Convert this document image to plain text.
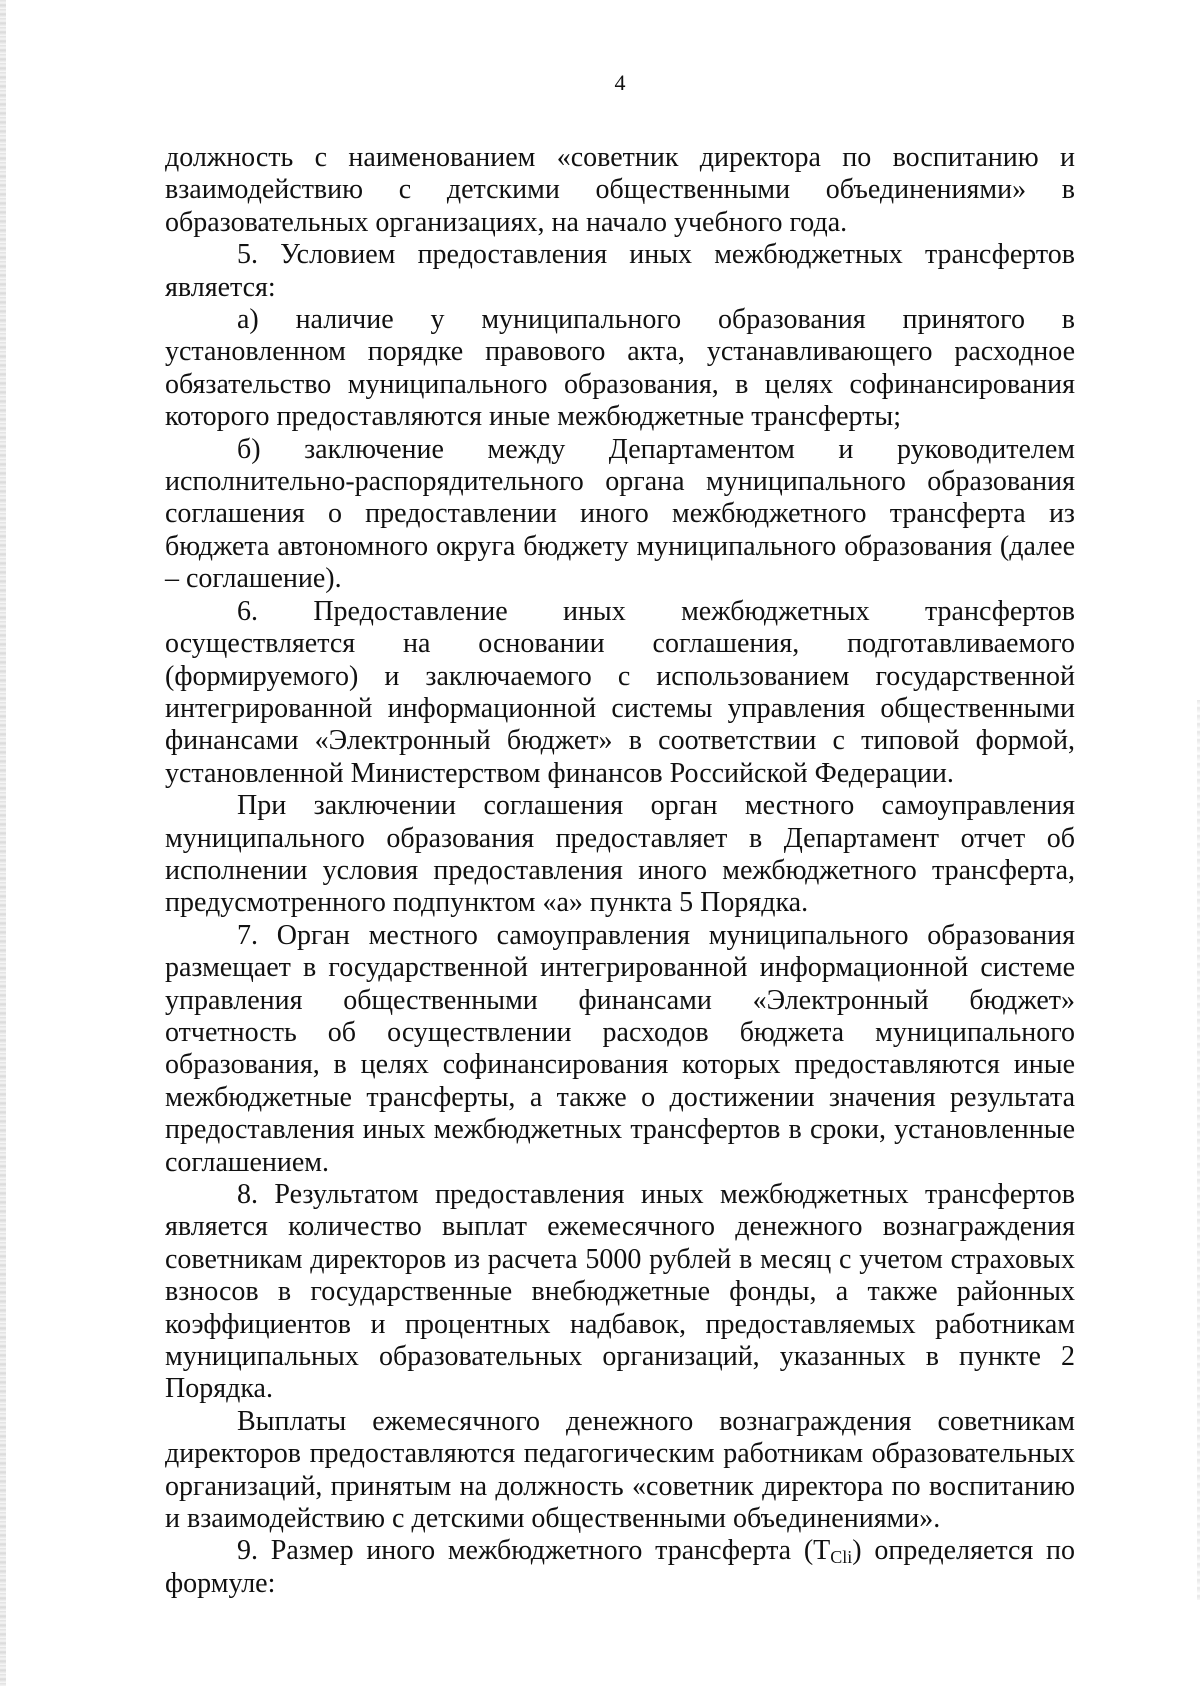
4

должность с наименованием «советник директора по воспитанию и взаимодействию с детскими общественными объединениями» в образовательных организациях, на начало учебного года.

5. Условием предоставления иных межбюджетных трансфертов является:

а) наличие у муниципального образования принятого в установленном порядке правового акта, устанавливающего расходное обязательство муниципального образования, в целях софинансирования которого предоставляются иные межбюджетные трансферты;

б) заключение между Департаментом и руководителем исполнительно-распорядительного органа муниципального образования соглашения о предоставлении иного межбюджетного трансферта из бюджета автономного округа бюджету муниципального образования (далее – соглашение).

6. Предоставление иных межбюджетных трансфертов осуществляется на основании соглашения, подготавливаемого (формируемого) и заключаемого с использованием государственной интегрированной информационной системы управления общественными финансами «Электронный бюджет» в соответствии с типовой формой, установленной Министерством финансов Российской Федерации.

При заключении соглашения орган местного самоуправления муниципального образования предоставляет в Департамент отчет об исполнении условия предоставления иного межбюджетного трансферта, предусмотренного подпунктом «а» пункта 5 Порядка.

7. Орган местного самоуправления муниципального образования размещает в государственной интегрированной информационной системе управления общественными финансами «Электронный бюджет» отчетность об осуществлении расходов бюджета муниципального образования, в целях софинансирования которых предоставляются иные межбюджетные трансферты, а также о достижении значения результата предоставления иных межбюджетных трансфертов в сроки, установленные соглашением.

8. Результатом предоставления иных межбюджетных трансфертов является количество выплат ежемесячного денежного вознаграждения советникам директоров из расчета 5000 рублей в месяц с учетом страховых взносов в государственные внебюджетные фонды, а также районных коэффициентов и процентных надбавок, предоставляемых работникам муниципальных образовательных организаций, указанных в пункте 2 Порядка.

Выплаты ежемесячного денежного вознаграждения советникам директоров предоставляются педагогическим работникам образовательных организаций, принятым на должность «советник директора по воспитанию и взаимодействию с детскими общественными объединениями».

9. Размер иного межбюджетного трансферта $(Т_{Сli})$ определяется по формуле:
